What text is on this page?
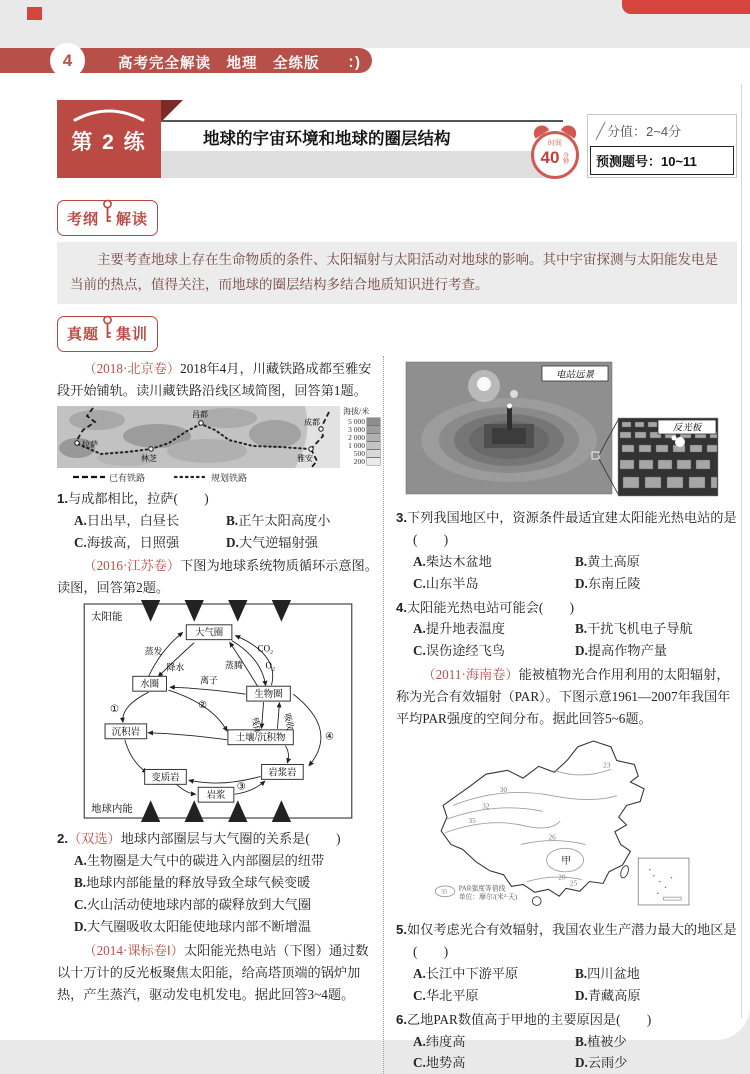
4	高考完全解读　地理　全练版 ：)
第 2 练	地球的宇宙环境和地球的圈层结构	时间
40 分钟
╱ 分值：2~4分
预测题号：10~11
考纲 解读
主要考查地球上存在生命物质的条件、太阳辐射与太阳活动对地球的影响。其中宇宙探测与太阳能发电是当前的热点，值得关注，而地球的圈层结构多结合地质知识进行考查。
真题 集训

（2018·北京卷）2018年4月，川藏铁路成都至雅安段开始铺轨。读川藏铁路沿线区域简图，回答第1题。

拉萨
林芝
昌都
成都
雅安
海拔/米
5 000
3 000
2 000
1 000
500
200
已有铁路	规划铁路
1.与成都相比，拉萨(　　)
A.日出早，白昼长	B.正午太阳高度小
C.海拔高，日照强	D.大气逆辐射强

（2016·江苏卷）下图为地球系统物质循环示意图。读图，回答第2题。

太阳能
地球内能
大气圈
水圈
生物圈
沉积岩
土壤/沉积物
变质岩	岩浆岩
岩浆
蒸发
降水
离子
蒸腾
CO₂
O₂
残体 吸收
①	②
③
④
2.（双选）地球内部圈层与大气圈的关系是(　　)
A.生物圈是大气中的碳进入内部圈层的纽带
B.地球内部能量的释放导致全球气候变暖
C.火山活动使地球内部的碳释放到大气圈
D.大气圈吸收太阳能使地球内部不断增温

（2014·课标卷Ⅰ）太阳能光热电站（下图）通过数以十万计的反光板聚焦太阳能，给高塔顶端的锅炉加热，产生蒸汽，驱动发电机发电。据此回答3~4题。

电站远景
反光板
3.下列我国地区中，资源条件最适宜建太阳能光热电站的是(　　)
A.柴达木盆地	B.黄土高原
C.山东半岛	D.东南丘陵
4.太阳能光热电站可能会(　　)
A.提升地表温度	B.干扰飞机电子导航
C.误伤途经飞鸟	D.提高作物产量

（2011·海南卷）能被植物光合作用利用的太阳辐射，称为光合有效辐射（PAR）。下图示意1961—2007年我国年平均PAR强度的空间分布。据此回答5~6题。

23
30
32
35
26
20
25
甲
35 PAR强度等值线
单位：摩尔/(米²·天)
5.如仅考虑光合有效辐射，我国农业生产潜力最大的地区是(　　)
A.长江中下游平原	B.四川盆地
C.华北平原	D.青藏高原
6.乙地PAR数值高于甲地的主要原因是(　　)
A.纬度高	B.植被少
C.地势高	D.云雨少
